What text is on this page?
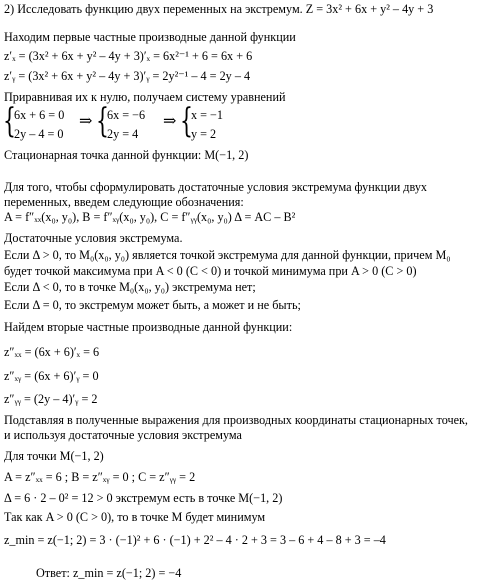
2) Исследовать функцию двух переменных на экстремум. Z = 3x² + 6x + y² – 4y + 3
Находим первые частные производные данной функции
z′ₓ = (3x² + 6x + y² – 4y + 3)′ₓ = 6x²⁻¹ + 6 = 6x + 6
z′ᵧ = (3x² + 6x + y² – 4y + 3)′ᵧ = 2y²⁻¹ – 4 = 2y – 4
Приравнивая их к нулю, получаем систему уравнений
{
6x + 6 = 0
2y – 4 = 0
⇒ {
6x = −6
2y = 4
⇒ {
x = −1
y = 2
Стационарная точка данной функции: M(−1, 2)
Для того, чтобы сформулировать достаточные условия экстремума функции двух
переменных, введем следующие обозначения:
A = f″ₓₓ(x₀, y₀), B = f″ₓᵧ(x₀, y₀), C = f″ᵧᵧ(x₀, y₀) Δ = AC – B²
Достаточные условия экстремума.
Если Δ > 0, то M₀(x₀, y₀) является точкой экстремума для данной функции, причем M₀
будет точкой максимума при A < 0 (C < 0) и точкой минимума при A > 0 (C > 0)
Если Δ < 0, то в точке M₀(x₀, y₀) экстремума нет;
Если Δ = 0, то экстремум может быть, а может и не быть;
Найдем вторые частные производные данной функции:
z″ₓₓ = (6x + 6)′ₓ = 6
z″ₓᵧ = (6x + 6)′ᵧ = 0
z″ᵧᵧ = (2y – 4)′ᵧ = 2
Подставляя в полученные выражения для производных координаты стационарных точек,
и используя достаточные условия экстремума
Для точки M(−1, 2)
A = z″ₓₓ = 6 ; B = z″ₓᵧ = 0 ; C = z″ᵧᵧ = 2
Δ = 6 · 2 – 0² = 12 > 0 экстремум есть в точке M(−1, 2)
Так как A > 0 (C > 0), то в точке M будет минимум
z_min = z(−1; 2) = 3 · (−1)² + 6 · (−1) + 2² – 4 · 2 + 3 = 3 – 6 + 4 – 8 + 3 = –4
Ответ: z_min = z(−1; 2) = −4
